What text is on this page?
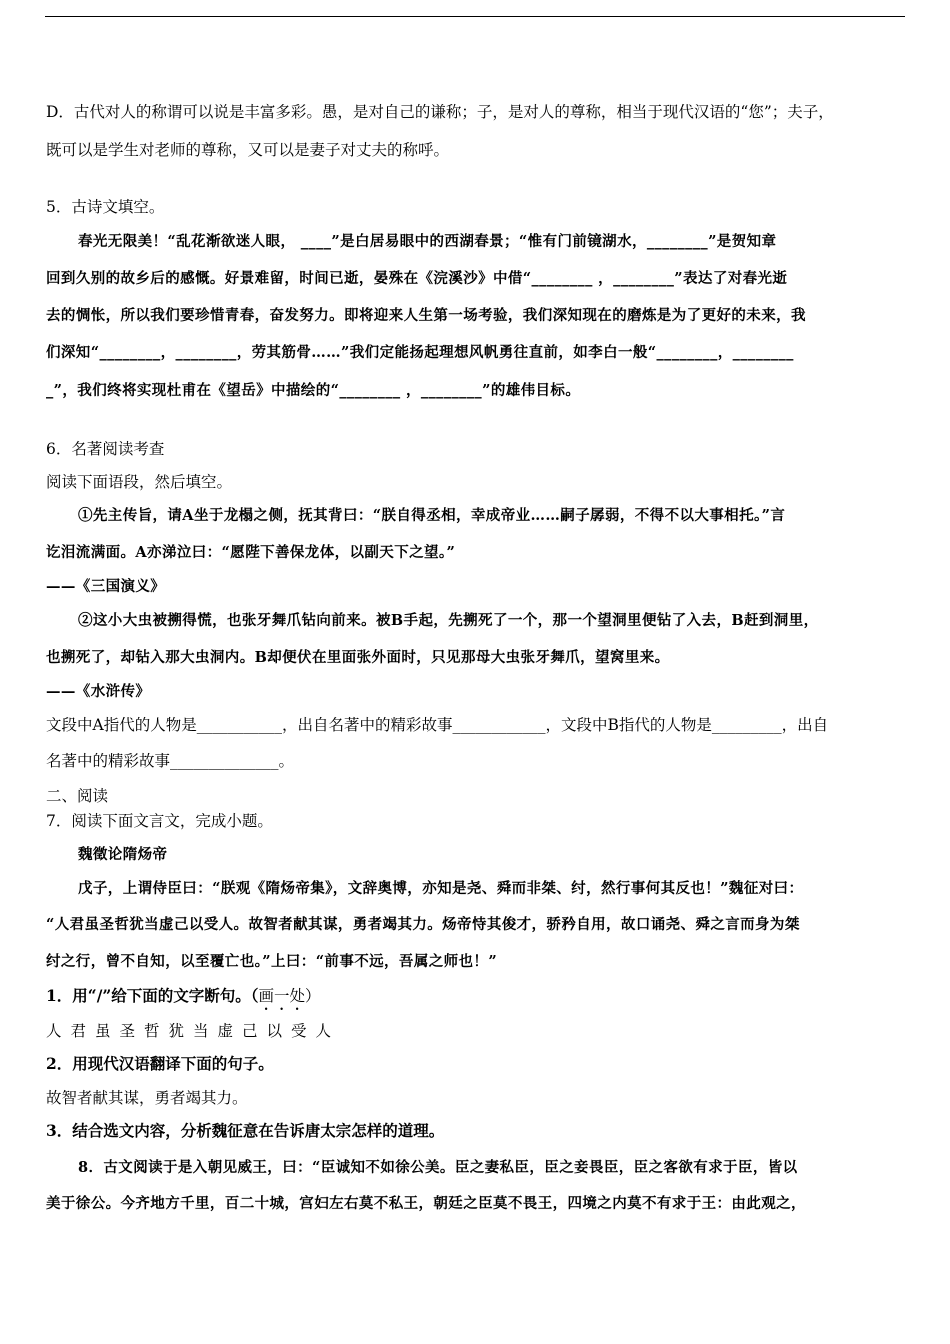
D．古代对人的称谓可以说是丰富多彩。愚，是对自己的谦称；子，是对人的尊称，相当于现代汉语的“您”；夫子，
既可以是学生对老师的尊称，又可以是妻子对丈夫的称呼。
5．古诗文填空。
春光无限美！“乱花渐欲迷人眼， ____”是白居易眼中的西湖春景；“惟有门前镜湖水，________”是贺知章
回到久别的故乡后的感慨。好景难留，时间已逝，晏殊在《浣溪沙》中借“________ ，________”表达了对春光逝
去的惆怅，所以我们要珍惜青春，奋发努力。即将迎来人生第一场考验，我们深知现在的磨炼是为了更好的未来，我
们深知“________，________，劳其筋骨……”我们定能扬起理想风帆勇往直前，如李白一般“________，________
_”，我们终将实现杜甫在《望岳》中描绘的“________ ，________”的雄伟目标。
6．名著阅读考查
阅读下面语段，然后填空。
①先主传旨，请A坐于龙榻之侧，抚其背曰：“朕自得丞相，幸成帝业……嗣子孱弱，不得不以大事相托。”言
讫泪流满面。A亦涕泣曰：“愿陛下善保龙体，以副天下之望。”
——《三国演义》
②这小大虫被搠得慌，也张牙舞爪钻向前来。被B手起，先搠死了一个，那一个望洞里便钻了入去，B赶到洞里，
也搠死了，却钻入那大虫洞内。B却便伏在里面张外面时，只见那母大虫张牙舞爪，望窝里来。
——《水浒传》
文段中A指代的人物是___________，出自名著中的精彩故事____________，文段中B指代的人物是_________，出自
名著中的精彩故事______________。
二、阅读
7．阅读下面文言文，完成小题。
魏徵论隋炀帝
戊子，上谓侍臣曰：“朕观《隋炀帝集》，文辞奥博，亦知是尧、舜而非桀、纣，然行事何其反也！”魏征对曰：
“人君虽圣哲犹当虚己以受人。故智者献其谋，勇者竭其力。炀帝恃其俊才，骄矜自用，故口诵尧、舜之言而身为桀
纣之行，曾不自知，以至覆亡也。”上曰：“前事不远，吾属之师也！”
1．用“/”给下面的文字断句。（画一处）
人君虽圣哲犹当虚己以受人
2．用现代汉语翻译下面的句子。
故智者献其谋，勇者竭其力。
3．结合选文内容，分析魏征意在告诉唐太宗怎样的道理。
8．古文阅读于是入朝见威王，曰：“臣诚知不如徐公美。臣之妻私臣，臣之妾畏臣，臣之客欲有求于臣，皆以
美于徐公。今齐地方千里，百二十城，宫妇左右莫不私王，朝廷之臣莫不畏王，四境之内莫不有求于王：由此观之，
